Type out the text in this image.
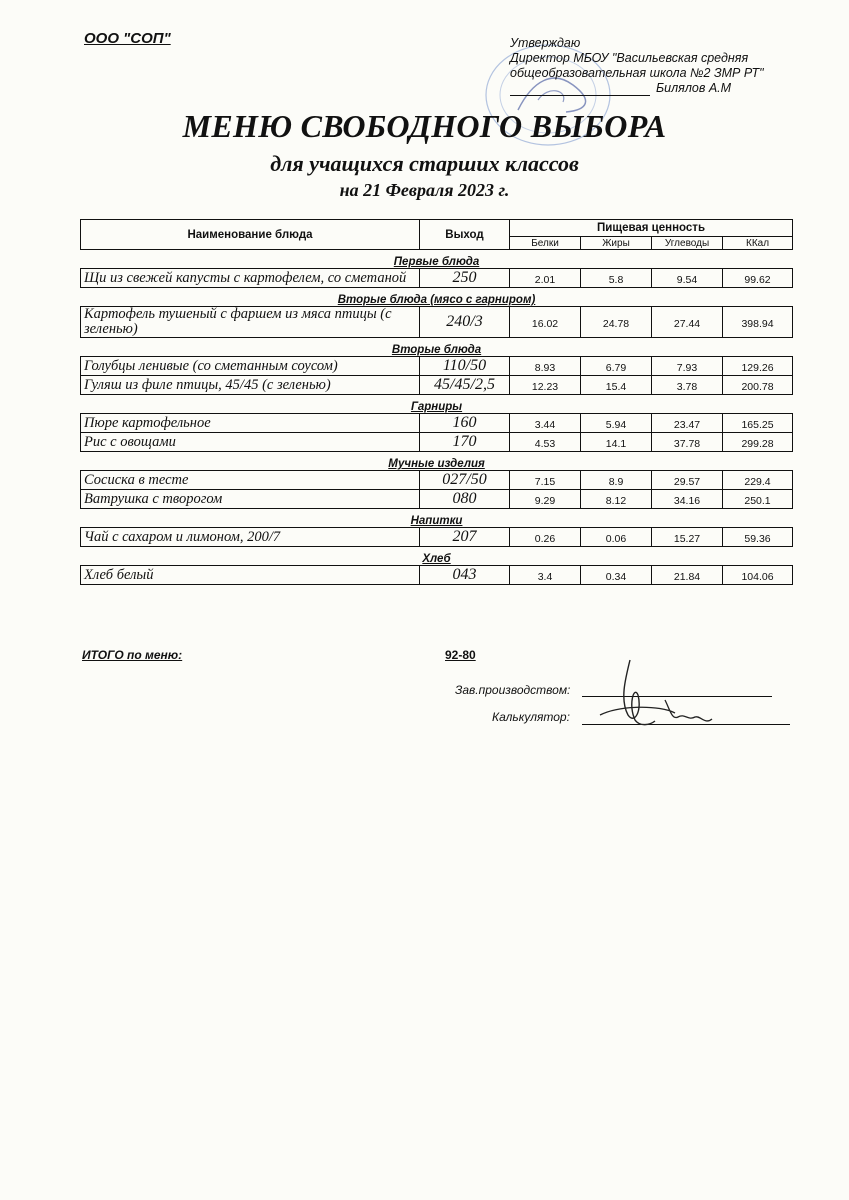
ООО "СОП"	Утверждаю
Директор МБОУ "Васильевская средняя
общеобразовательная школа №2 ЗМР РТ"
Билялов А.М
МЕНЮ СВОБОДНОГО ВЫБОРА
для учащихся старших классов
на 21 Февраля 2023 г.
Наименование блюда	Выход	Пищевая ценность			
		Белки	Жиры	Углеводы	ККал
Первые блюда					
Щи из свежей капусты с картофелем, со сметаной	250	2.01	5.8	9.54	99.62
Вторые блюда (мясо с гарниром)					
Картофель тушеный с фаршем из мяса птицы (с зеленью)	240/3	16.02	24.78	27.44	398.94
Вторые блюда					
Голубцы ленивые (со сметанным соусом)	110/50	8.93	6.79	7.93	129.26
Гуляш из филе птицы, 45/45 (с зеленью)	45/45/2,5	12.23	15.4	3.78	200.78
Гарниры					
Пюре картофельное	160	3.44	5.94	23.47	165.25
Рис с овощами	170	4.53	14.1	37.78	299.28
Мучные изделия					
Сосиска в тесте	027/50	7.15	8.9	29.57	229.4
Ватрушка с творогом	080	9.29	8.12	34.16	250.1
Напитки					
Чай с сахаром и лимоном, 200/7	207	0.26	0.06	15.27	59.36
Хлеб					
Хлеб белый	043	3.4	0.34	21.84	104.06
ИТОГО по меню:	92-80
Зав.производством:
Калькулятор:
